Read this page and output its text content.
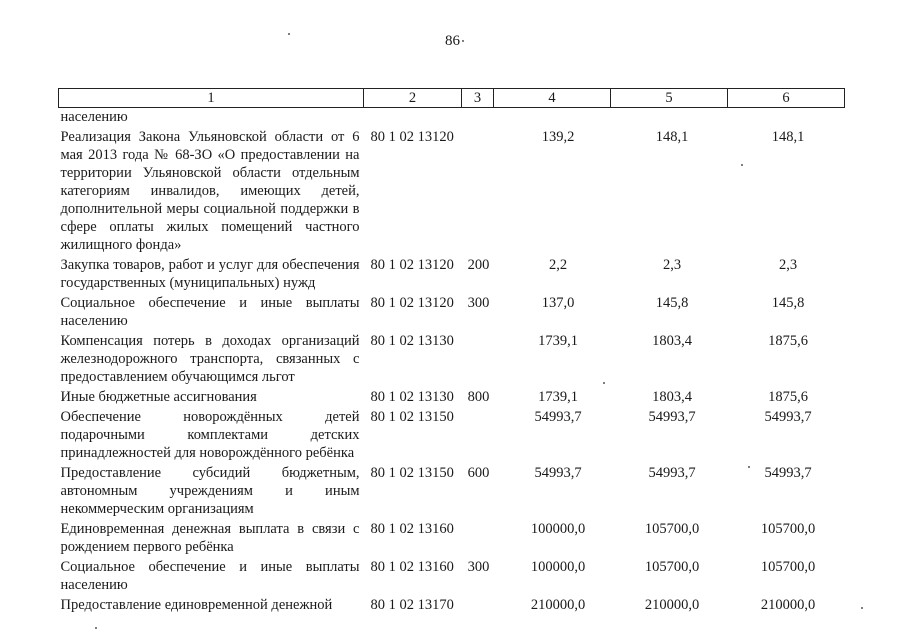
86
1	2	3	4	5	6
населению					
Реализация Закона Ульяновской области от 6 мая 2013 года № 68-ЗО «О предоставлении на территории Ульяновской области отдельным категориям инвалидов, имеющих детей, дополнительной меры социальной поддержки в сфере оплаты жилых помещений частного жилищного фонда»	80 1 02 13120		139,2	148,1	148,1
Закупка товаров, работ и услуг для обеспечения государственных (муниципальных) нужд	80 1 02 13120	200	2,2	2,3	2,3
Социальное обеспечение и иные выплаты населению	80 1 02 13120	300	137,0	145,8	145,8
Компенсация потерь в доходах организаций железнодорожного транспорта, связанных с предоставлением обучающимся льгот	80 1 02 13130		1739,1	1803,4	1875,6
Иные бюджетные ассигнования	80 1 02 13130	800	1739,1	1803,4	1875,6
Обеспечение новорождённых детей подарочными комплектами детских принадлежностей для новорождённого ребёнка	80 1 02 13150		54993,7	54993,7	54993,7
Предоставление субсидий бюджетным, автономным учреждениям и иным некоммерческим организациям	80 1 02 13150	600	54993,7	54993,7	54993,7
Единовременная денежная выплата в связи с рождением первого ребёнка	80 1 02 13160		100000,0	105700,0	105700,0
Социальное обеспечение и иные выплаты населению	80 1 02 13160	300	100000,0	105700,0	105700,0
Предоставление единовременной денежной	80 1 02 13170		210000,0	210000,0	210000,0
